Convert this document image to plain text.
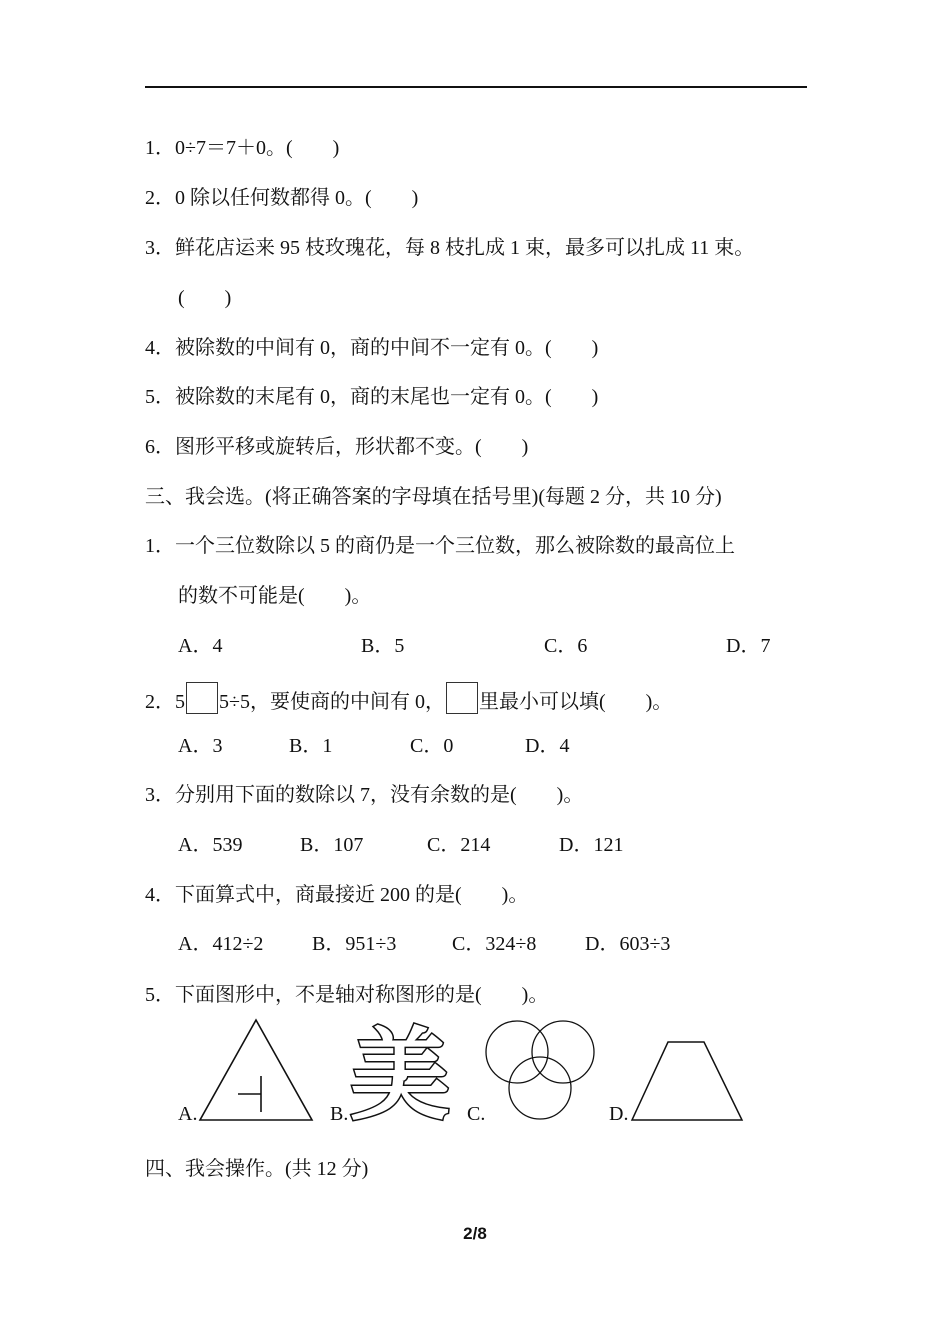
1．0÷7＝7＋0。(　　)
2．0 除以任何数都得 0。(　　)
3．鲜花店运来 95 枝玫瑰花，每 8 枝扎成 1 束，最多可以扎成 11 束。
(　　)
4．被除数的中间有 0，商的中间不一定有 0。(　　)
5．被除数的末尾有 0，商的末尾也一定有 0。(　　)
6．图形平移或旋转后，形状都不变。(　　)
三、我会选。(将正确答案的字母填在括号里)(每题 2 分，共 10 分)
1．一个三位数除以 5 的商仍是一个三位数，那么被除数的最高位上
的数不可能是(　　)。
A．4	B．5	C．6	D．7
2．5 5÷5，要使商的中间有 0， 里最小可以填(　　)。
A．3	B．1	C．0	D．4
3．分别用下面的数除以 7，没有余数的是(　　)。
A．539	B．107	C．214	D．121
4．下面算式中，商最接近 200 的是(　　)。
A．412÷2 B．951÷3	C．324÷8 D．603÷3
5．下面图形中，不是轴对称图形的是(　　)。
A.	B. 美 C.	D.
四、我会操作。(共 12 分)
2/8
